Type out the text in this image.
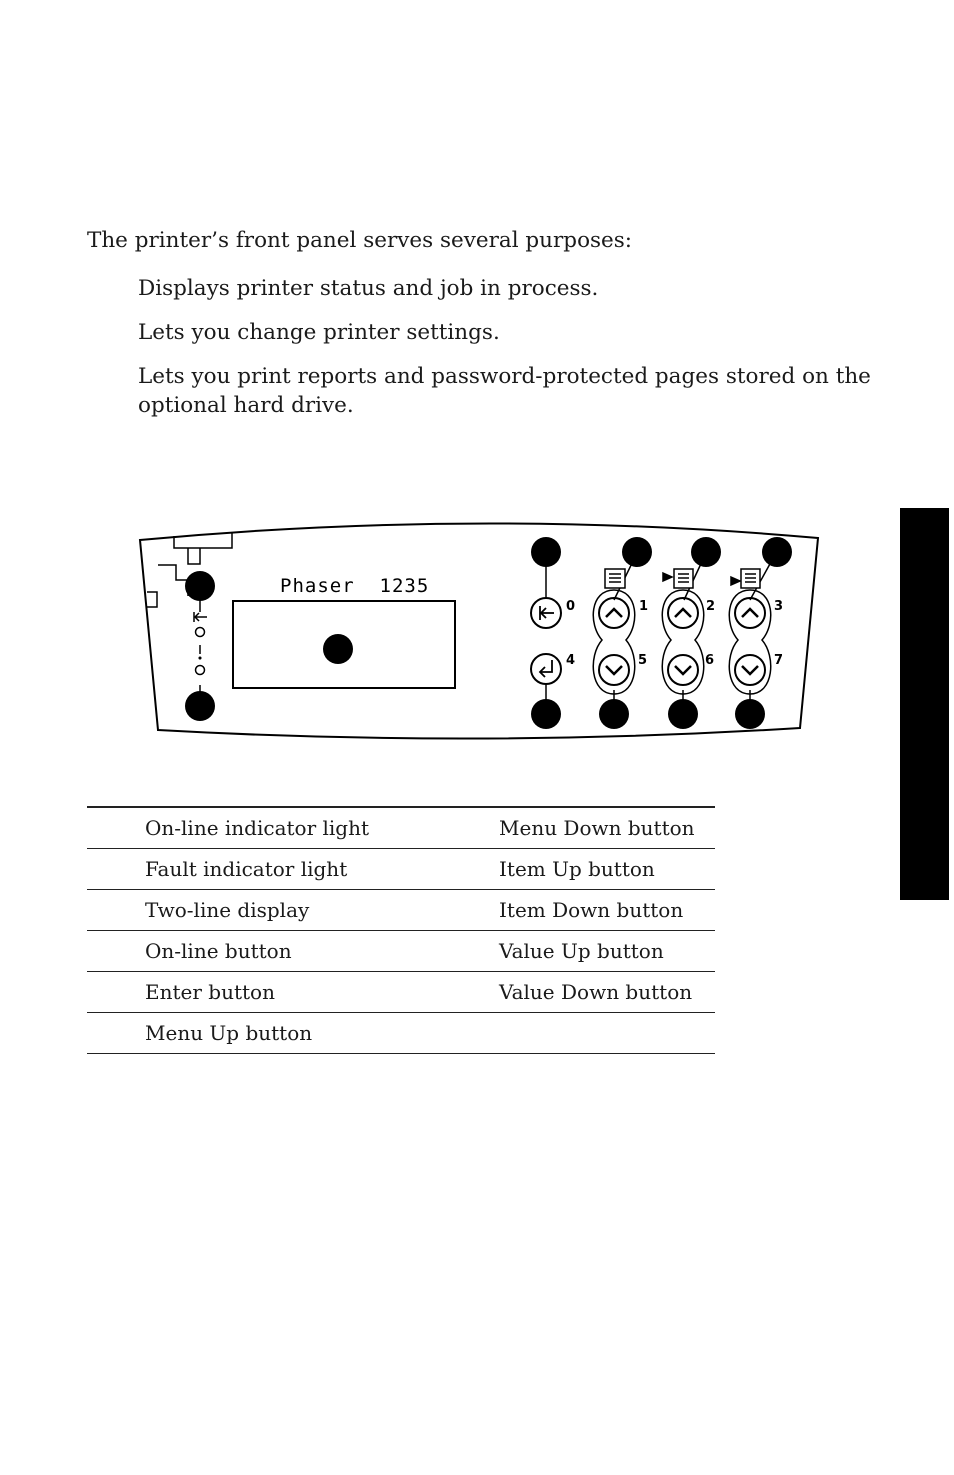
The printer’s front panel serves several purposes:

Displays printer status and job in process.

Lets you change printer settings.

Lets you print reports and password-protected pages stored on the optional hard drive.

Phaser  1235
0	1	2	3
4	5	6	7
On-line indicator light	Menu Down button
Fault indicator light	Item Up button
Two-line display	Item Down button
On-line button	Value Up button
Enter button	Value Down button
Menu Up button	
